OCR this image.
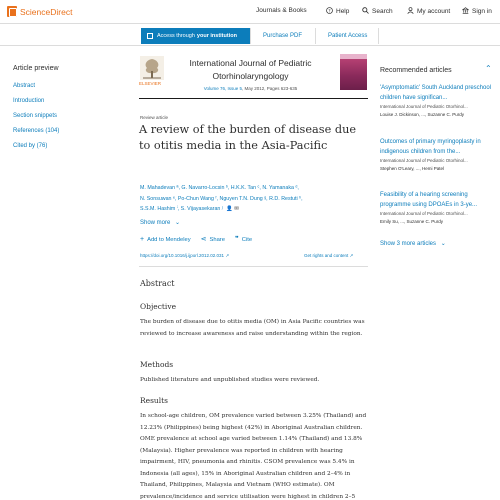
ScienceDirect	Journals & Books	? Help	Search	My account	Sign in
Access through your institution	Purchase PDF	Patient Access
Article preview
Abstract
Introduction
Section snippets
References (104)
Cited by (76)
ELSEVIER
International Journal of Pediatric
Otorhinolaryngology
Volume 76, Issue 5, May 2012, Pages 623-635
Review article
A review of the burden of disease due to otitis media in the Asia-Pacific
M. Mahadevan ª, G. Navarro-Locsin ᵇ, H.K.K. Tan ᶜ, N. Yamanaka ᵈ,
N. Sonsuwan ᵉ, Po-Chun Wang ᶠ, Nguyen T.N. Dung ᵍ, R.D. Restuti ʰ,
S.S.M. Hashim ⁱ, S. Vijayasekaran ʲ 👤 ✉
Show more ⌄
+ Add to Mendeley ⋖ Share ❞ Cite
https://doi.org/10.1016/j.ijporl.2012.02.031 ↗	Get rights and content ↗
Abstract
Objective
The burden of disease due to otitis media (OM) in Asia Pacific countries was reviewed to increase awareness and raise understanding within the region.
Methods
Published literature and unpublished studies were reviewed.
Results
In school-age children, OM prevalence varied between 3.25% (Thailand) and 12.23% (Philippines) being highest (42%) in Aboriginal Australian children. OME prevalence at school age varied between 1.14% (Thailand) and 13.8% (Malaysia). Higher prevalence was reported in children with hearing impairment, HIV, pneumonia and rhinitis. CSOM prevalence was 5.4% in Indonesia (all ages), 15% in Aboriginal Australian children and 2–4% in Thailand, Philippines, Malaysia and Vietnam (WHO estimate). OM prevalence/incidence and service utilisation were highest in children 2–5
Recommended articles	⌃
'Asymptomatic' South Auckland preschool children have significan...
International Journal of Pediatric Otorhinol...
Louise J. Dickinson, ..., Suzanne C. Purdy
Outcomes of primary myringoplasty in indigenous children from the...
International Journal of Pediatric Otorhinol...
Stephen O'Leary, ..., Hemi Patel
Feasibility of a hearing screening programme using DPOAEs in 3-ye...
International Journal of Pediatric Otorhinol...
Emily Su, ..., Suzanne C. Purdy
Show 3 more articles ⌄
